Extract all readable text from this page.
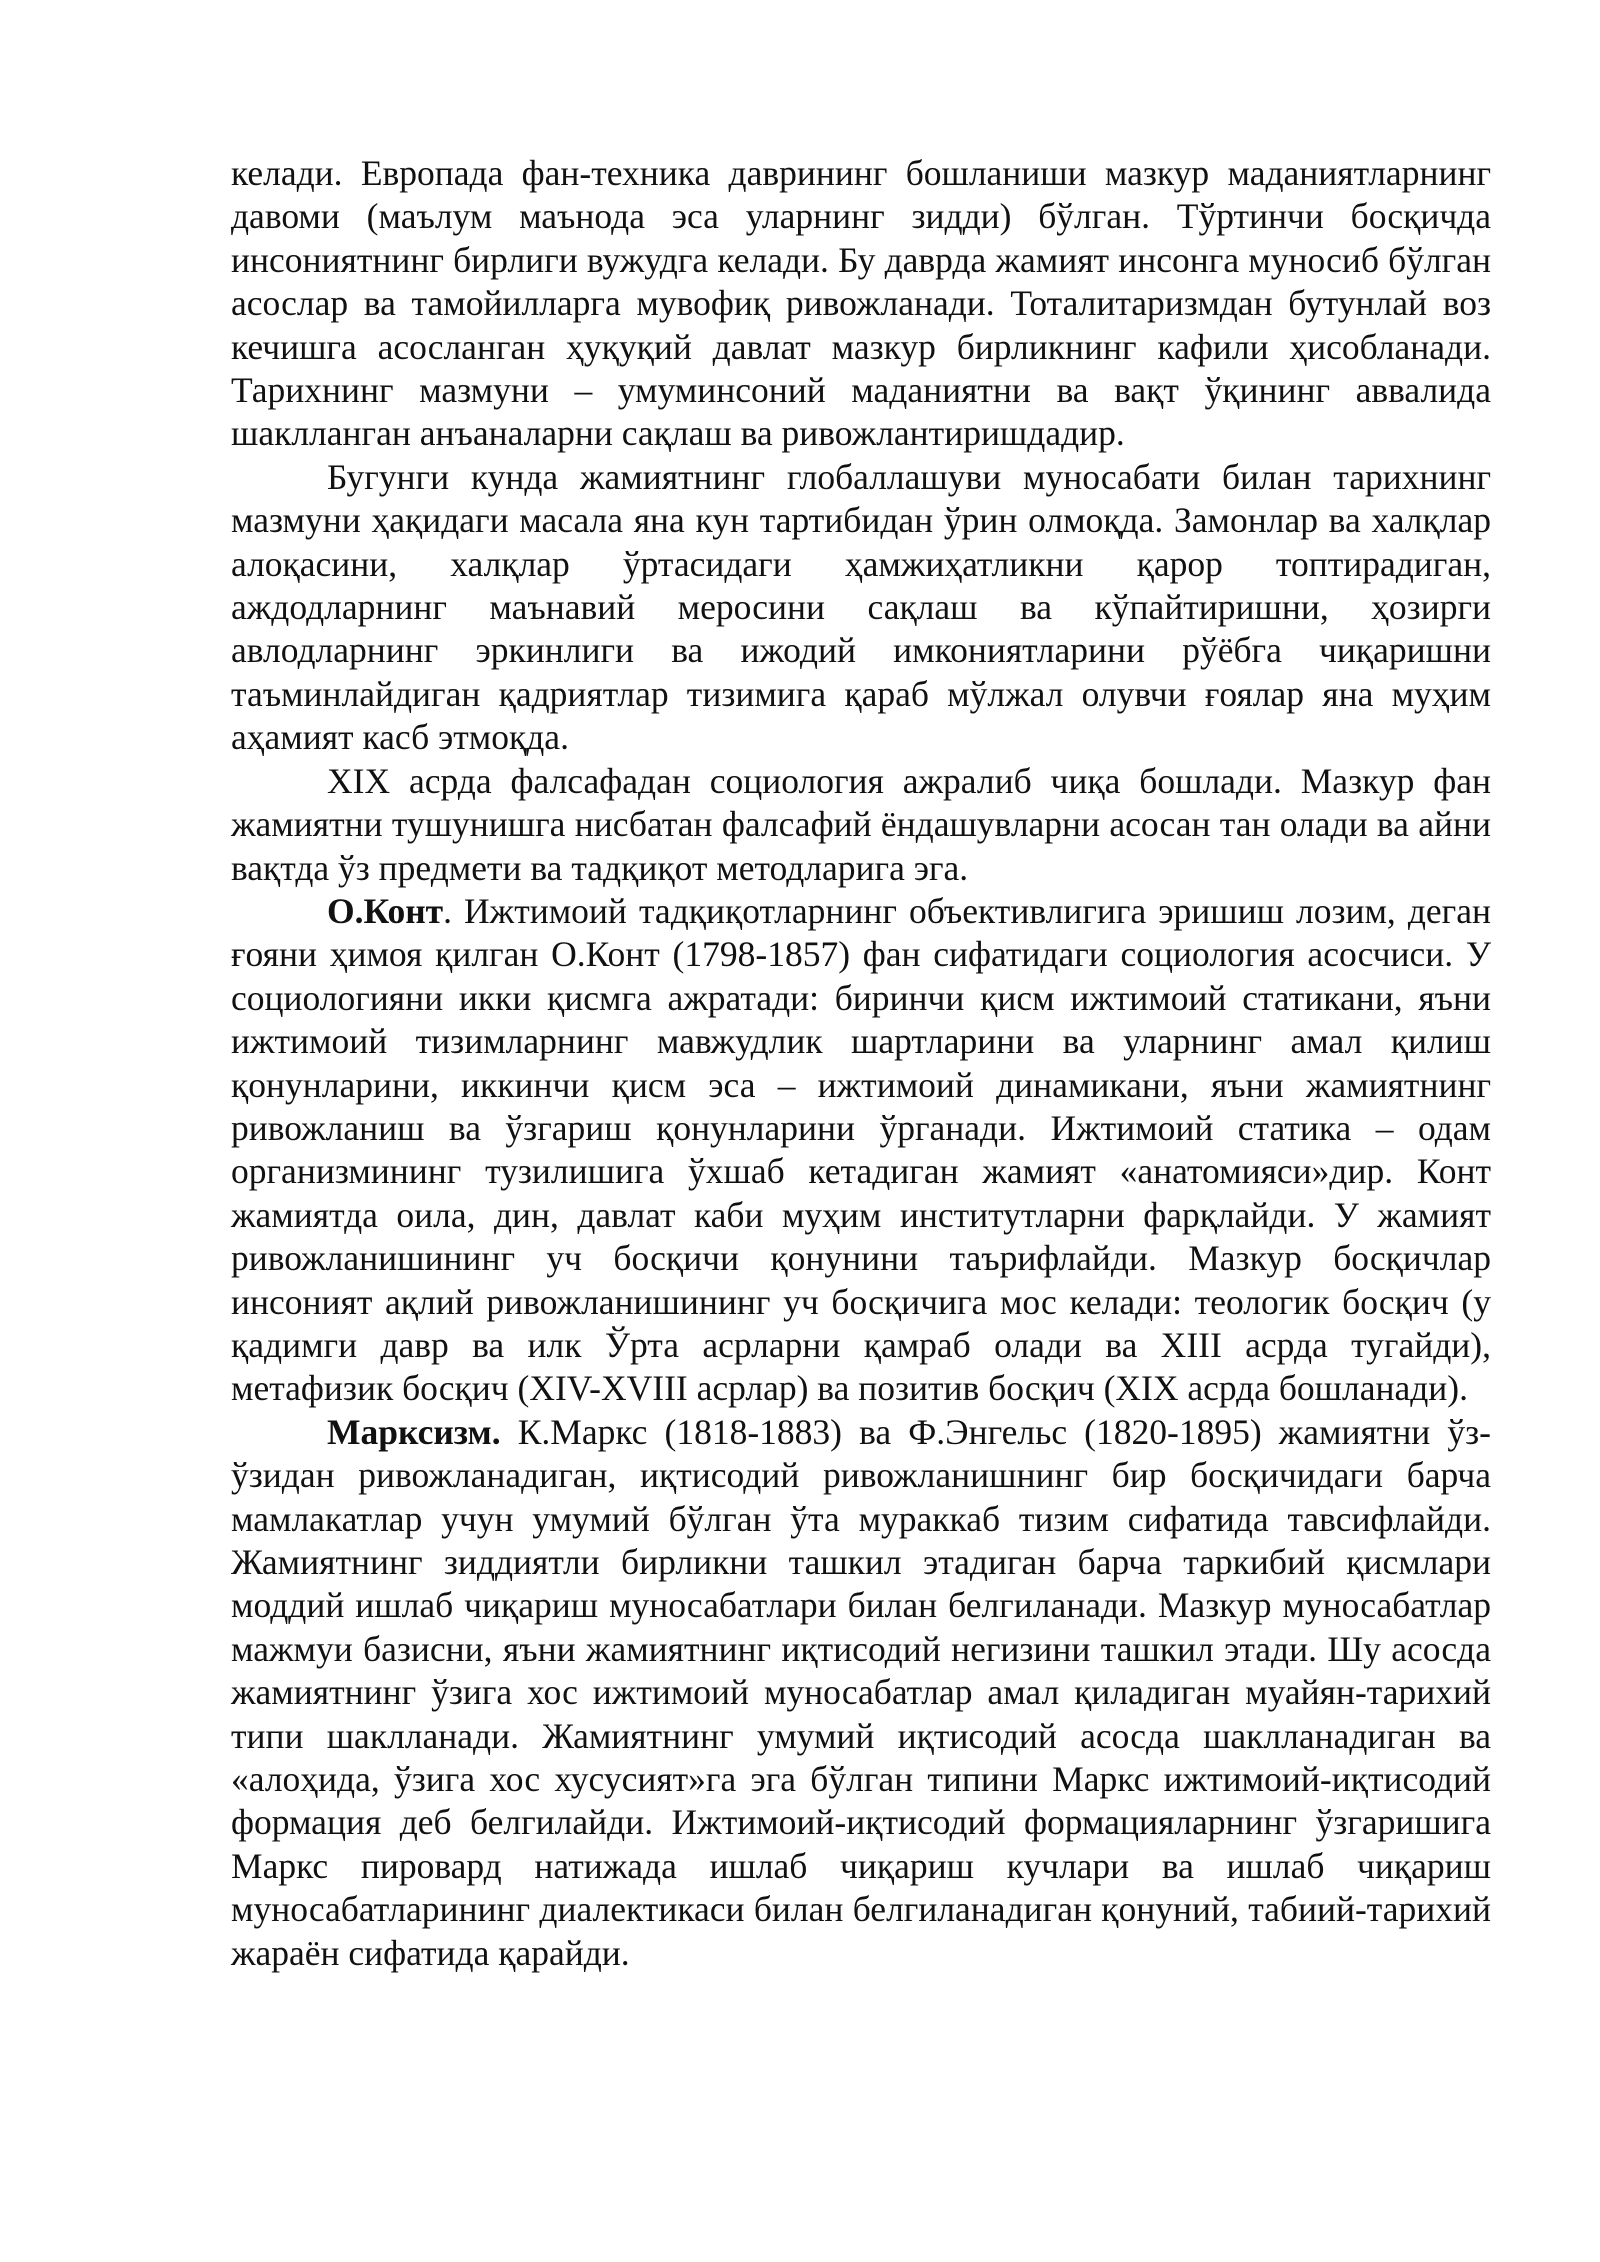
келади. Европада фан-техника даврининг бошланиши мазкур маданиятларнинг давоми (маълум маънода эса уларнинг зидди) бўлган. Тўртинчи босқичда инсониятнинг бирлиги вужудга келади. Бу даврда жамият инсонга муносиб бўлган асослар ва тамойилларга мувофиқ ривожланади. Тоталитаризмдан бутунлай воз кечишга асосланган ҳуқуқий давлат мазкур бирликнинг кафили ҳисобланади. Тарихнинг мазмуни – умуминсоний маданиятни ва вақт ўқининг аввалида шаклланган анъаналарни сақлаш ва ривожлантиришдадир.

Бугунги кунда жамиятнинг глобаллашуви муносабати билан тарихнинг мазмуни ҳақидаги масала яна кун тартибидан ўрин олмоқда. Замонлар ва халқлар алоқасини, халқлар ўртасидаги ҳамжиҳатликни қарор топтирадиган, аждодларнинг маънавий меросини сақлаш ва кўпайтиришни, ҳозирги авлодларнинг эркинлиги ва ижодий имкониятларини рўёбга чиқаришни таъминлайдиган қадриятлар тизимига қараб мўлжал олувчи ғоялар яна муҳим аҳамият касб этмоқда.

XIX асрда фалсафадан социология ажралиб чиқа бошлади. Мазкур фан жамиятни тушунишга нисбатан фалсафий ёндашувларни асосан тан олади ва айни вақтда ўз предмети ва тадқиқот методларига эга.

О.Конт. Ижтимоий тадқиқотларнинг объективлигига эришиш лозим, деган ғояни ҳимоя қилган О.Конт (1798-1857) фан сифатидаги социология асосчиси. У социологияни икки қисмга ажратади: биринчи қисм ижтимоий статикани, яъни ижтимоий тизимларнинг мавжудлик шартларини ва уларнинг амал қилиш қонунларини, иккинчи қисм эса – ижтимоий динамикани, яъни жамиятнинг ривожланиш ва ўзгариш қонунларини ўрганади. Ижтимоий статика – одам организмининг тузилишига ўхшаб кетадиган жамият «анатомияси»дир. Конт жамиятда оила, дин, давлат каби муҳим институтларни фарқлайди. У жамият ривожланишининг уч босқичи қонунини таърифлайди. Мазкур босқичлар инсоният ақлий ривожланишининг уч босқичига мос келади: теологик босқич (у қадимги давр ва илк Ўрта асрларни қамраб олади ва XIII асрда тугайди), метафизик босқич (XIV-XVIII асрлар) ва позитив босқич (XIX асрда бошланади).

Марксизм. К.Маркс (1818-1883) ва Ф.Энгельс (1820-1895) жамиятни ўз-ўзидан ривожланадиган, иқтисодий ривожланишнинг бир босқичидаги барча мамлакатлар учун умумий бўлган ўта мураккаб тизим сифатида тавсифлайди. Жамиятнинг зиддиятли бирликни ташкил этадиган барча таркибий қисмлари моддий ишлаб чиқариш муносабатлари билан белгиланади. Мазкур муносабатлар мажмуи базисни, яъни жамиятнинг иқтисодий негизини ташкил этади. Шу асосда жамиятнинг ўзига хос ижтимоий муносабатлар амал қиладиган муайян-тарихий типи шаклланади. Жамиятнинг умумий иқтисодий асосда шаклланадиган ва «алоҳида, ўзига хос хусусият»га эга бўлган типини Маркс ижтимоий-иқтисодий формация деб белгилайди. Ижтимоий-иқтисодий формацияларнинг ўзгаришига Маркс пировард натижада ишлаб чиқариш кучлари ва ишлаб чиқариш муносабатларининг диалектикаси билан белгиланадиган қонуний, табиий-тарихий жараён сифатида қарайди.
